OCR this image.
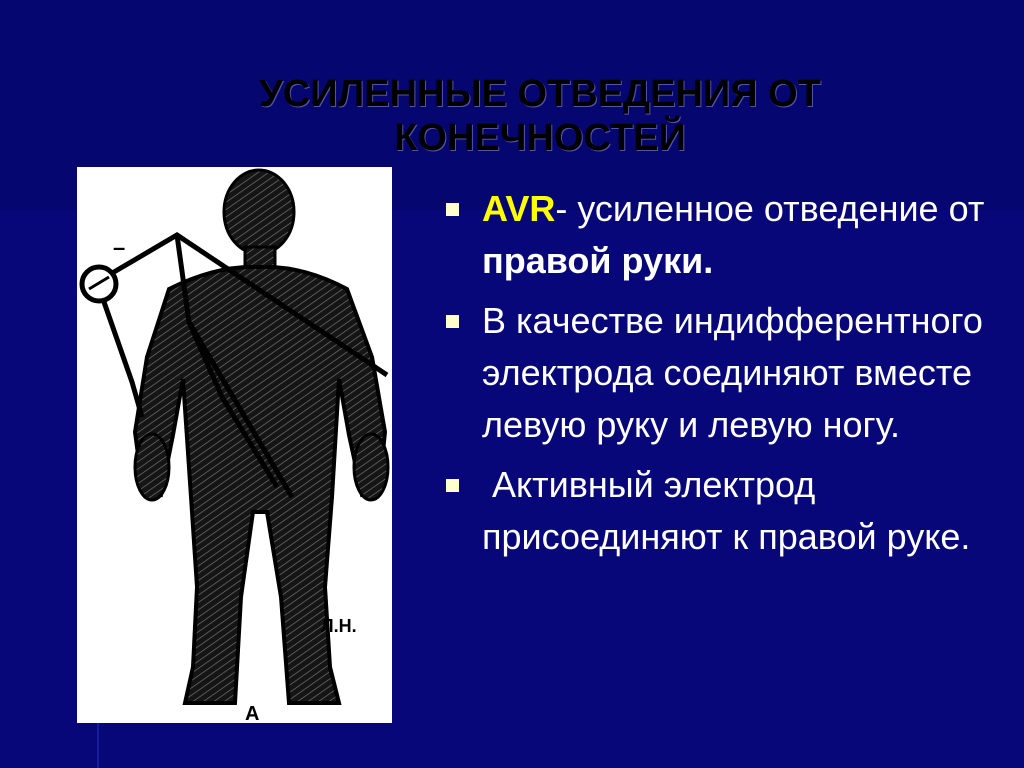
УСИЛЕННЫЕ ОТВЕДЕНИЯ ОТ КОНЕЧНОСТЕЙ
–
Л.Н.
А
AVR- усиленное отведение от правой руки.
В качестве индифферентного электрода соединяют вместе левую руку и левую ногу.
Активный электрод присоединяют к правой руке.
